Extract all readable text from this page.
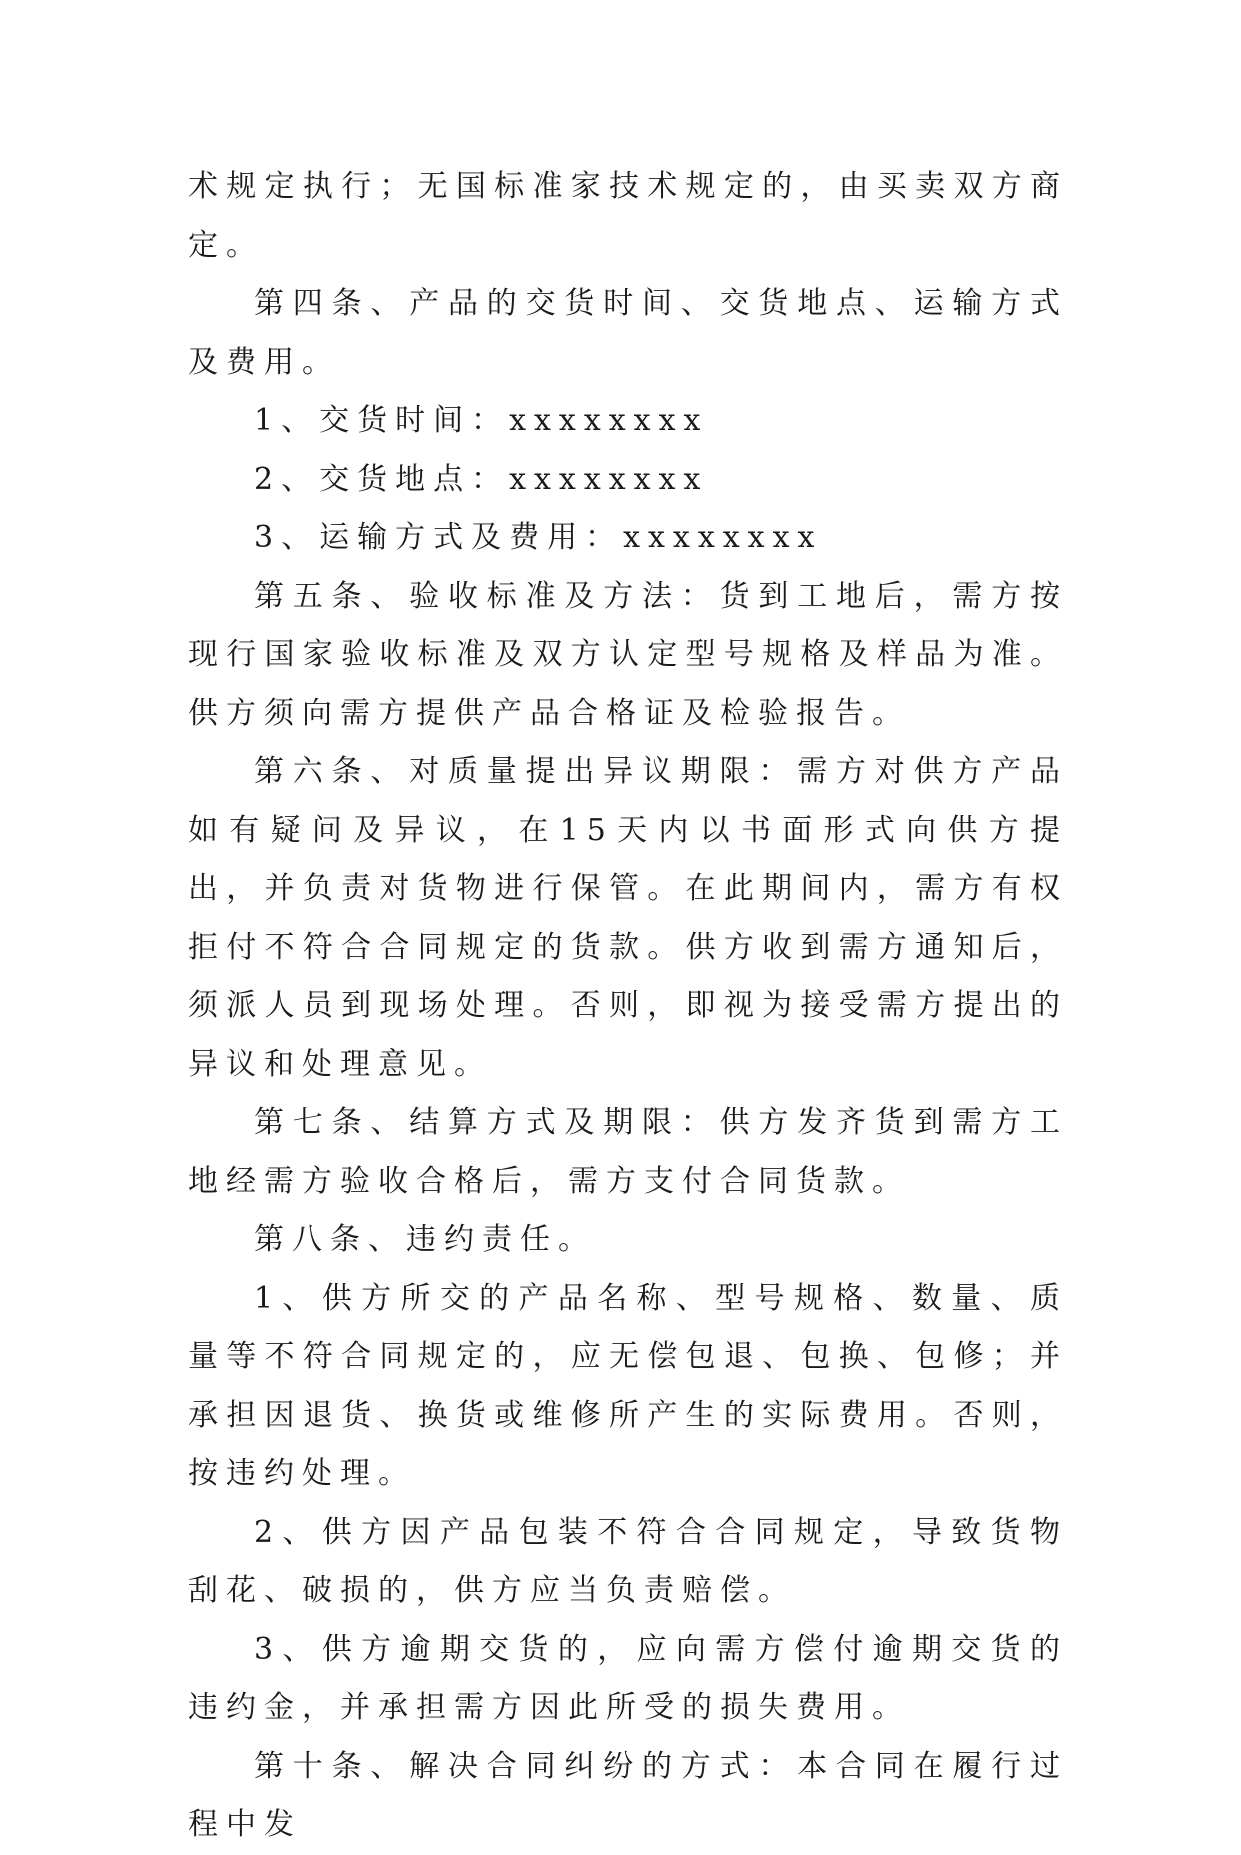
术规定执行；无国标准家技术规定的，由买卖双方商定。

第四条、产品的交货时间、交货地点、运输方式及费用。

1、交货时间：xxxxxxxx

2、交货地点：xxxxxxxx

3、运输方式及费用：xxxxxxxx

第五条、验收标准及方法：货到工地后，需方按现行国家验收标准及双方认定型号规格及样品为准。供方须向需方提供产品合格证及检验报告。

第六条、对质量提出异议期限：需方对供方产品如有疑问及异议，在15天内以书面形式向供方提出，并负责对货物进行保管。在此期间内，需方有权拒付不符合合同规定的货款。供方收到需方通知后，须派人员到现场处理。否则，即视为接受需方提出的异议和处理意见。

第七条、结算方式及期限：供方发齐货到需方工地经需方验收合格后，需方支付合同货款。

第八条、违约责任。

1、供方所交的产品名称、型号规格、数量、质量等不符合同规定的，应无偿包退、包换、包修；并承担因退货、换货或维修所产生的实际费用。否则，按违约处理。

2、供方因产品包装不符合合同规定，导致货物刮花、破损的，供方应当负责赔偿。

3、供方逾期交货的，应向需方偿付逾期交货的违约金，并承担需方因此所受的损失费用。

第十条、解决合同纠纷的方式：本合同在履行过程中发
